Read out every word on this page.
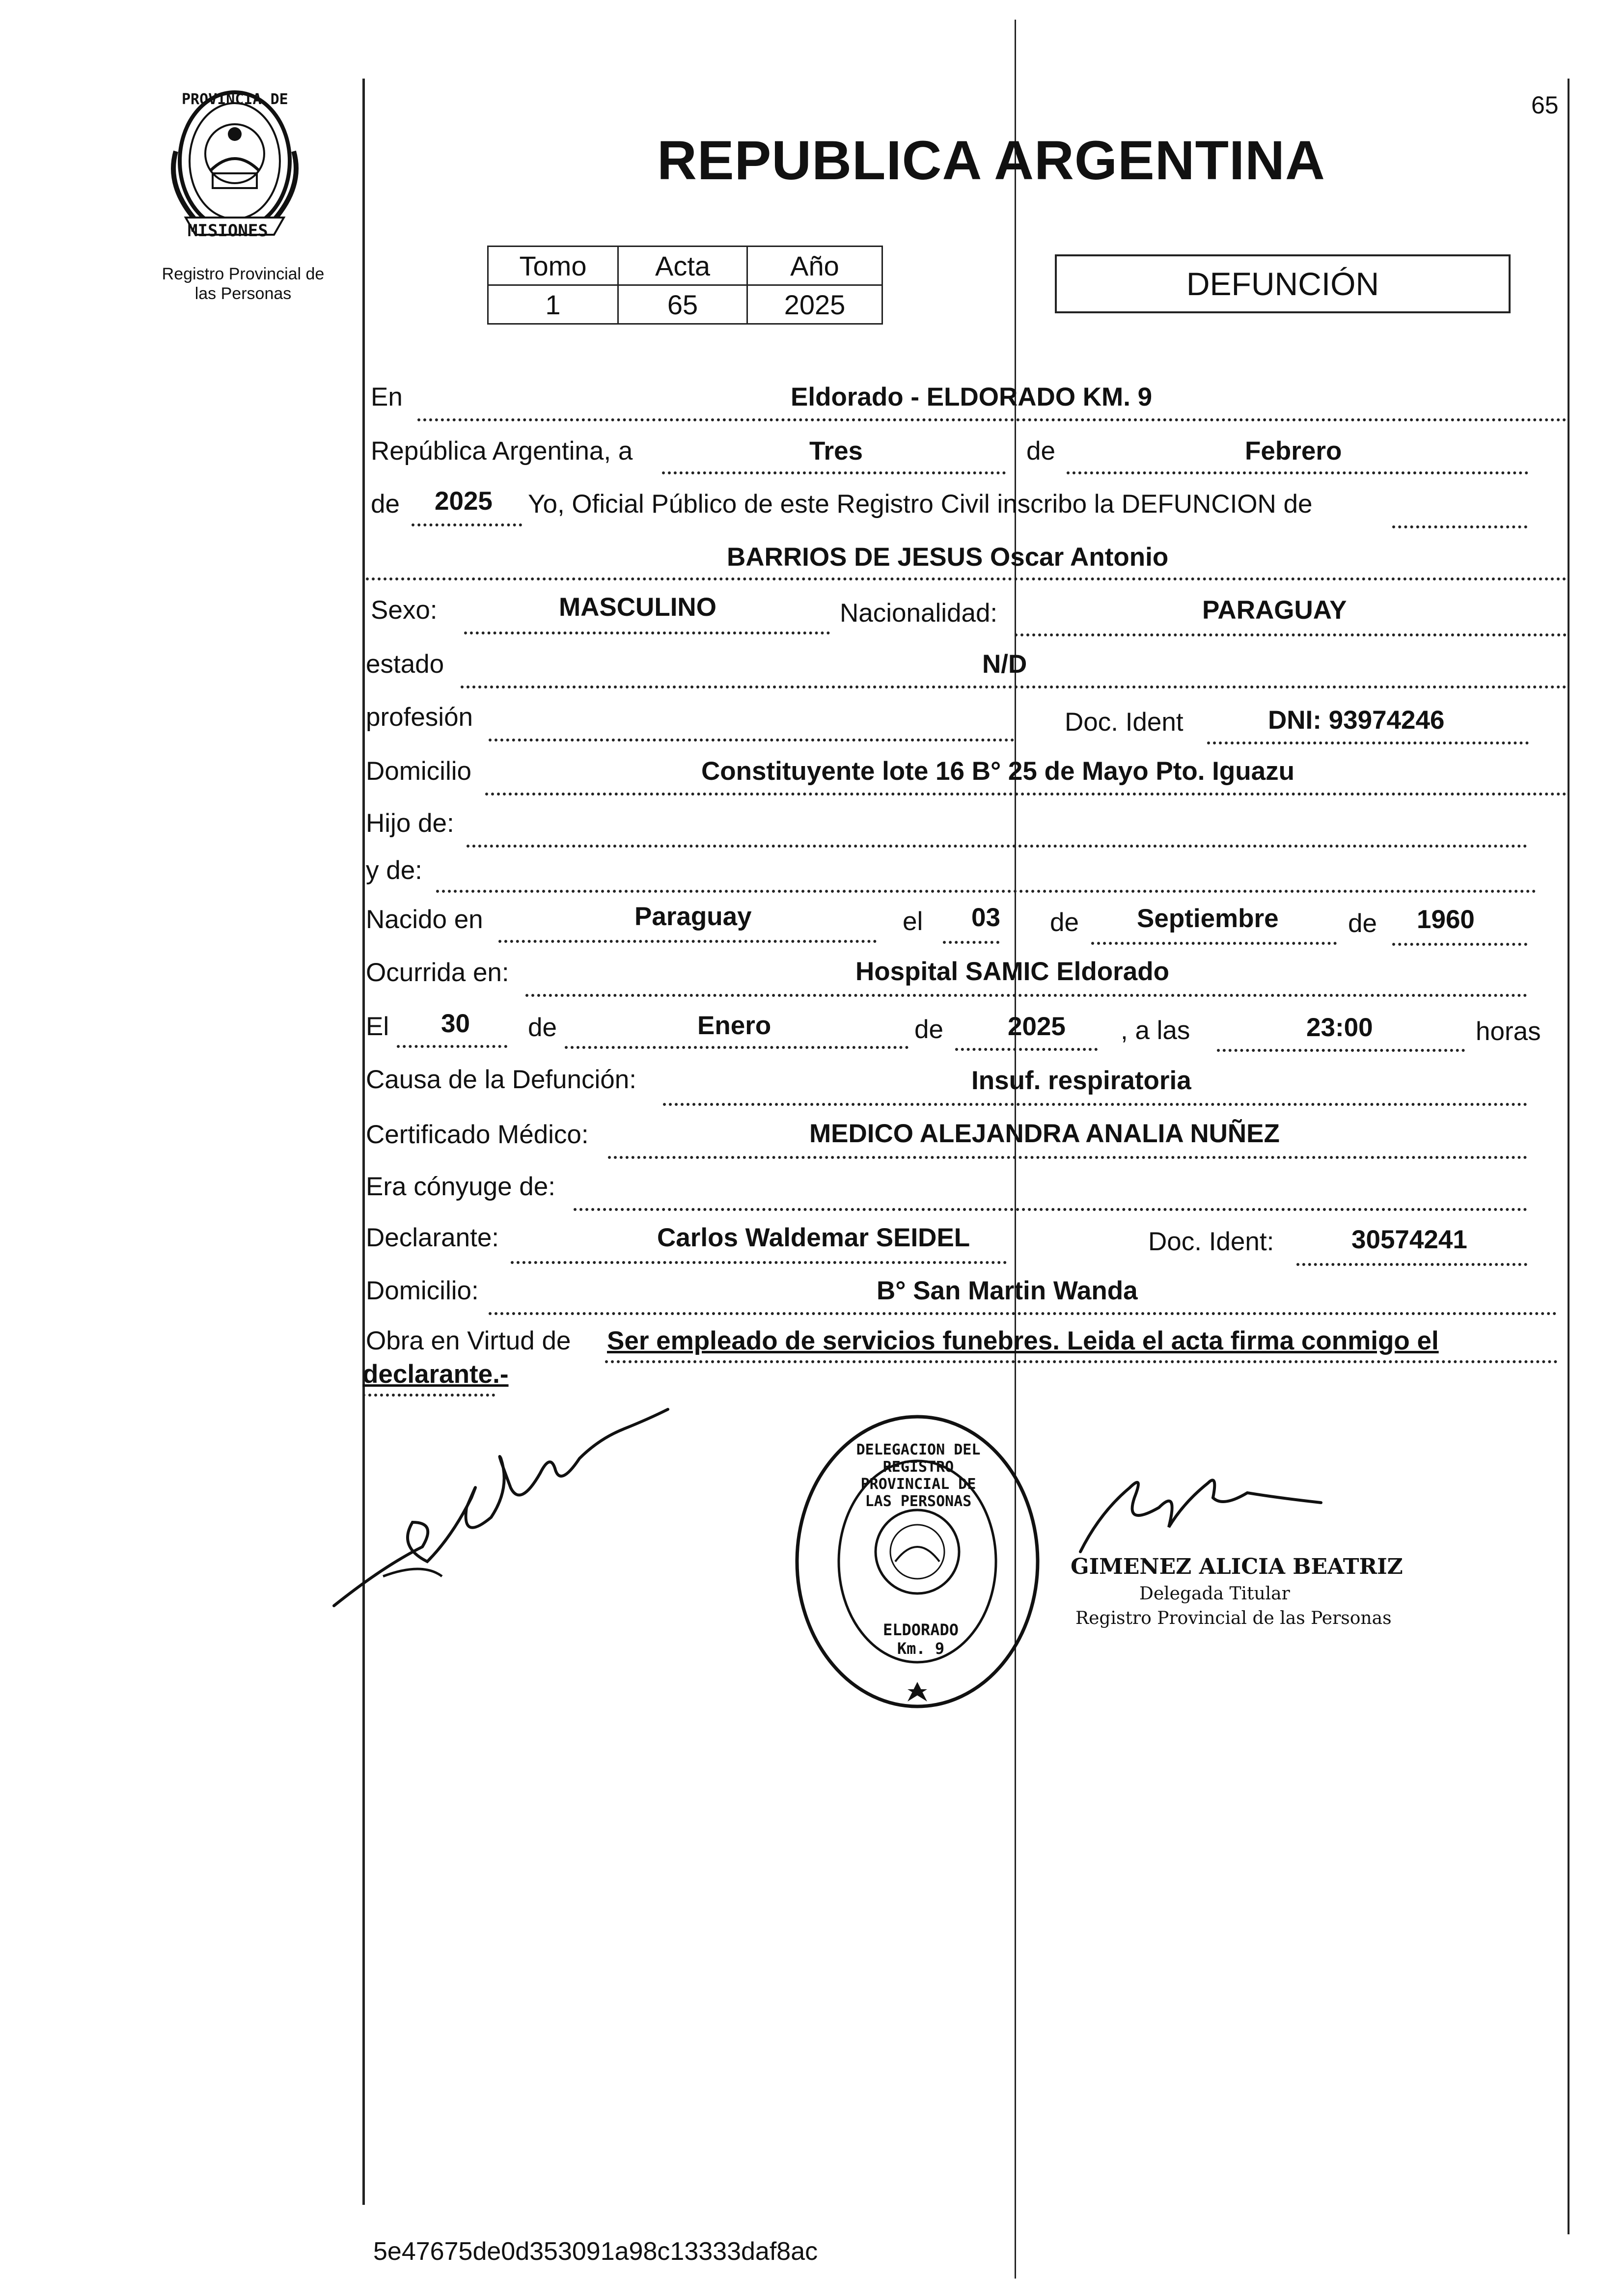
65
PROVINCIA DE
MISIONES
Registro Provincial de
las Personas
REPUBLICA ARGENTINA
Tomo	Acta	Año
1	65	2025
DEFUNCIÓN
En	Eldorado - ELDORADO KM. 9
República Argentina, a	Tres	de	Febrero
de 2025 Yo, Oficial Público de este Registro Civil inscribo la DEFUNCION de
BARRIOS DE JESUS Oscar Antonio
Sexo:	MASCULINO	Nacionalidad:	PARAGUAY
estado	N/D
profesión	Doc. Ident	DNI: 93974246
Domicilio	Constituyente lote 16 B° 25 de Mayo Pto. Iguazu
Hijo de:
y de:
Nacido en	Paraguay	el 03 de Septiembre	de 1960
Ocurrida en:	Hospital SAMIC Eldorado
El 30 de	Enero	de 2025 , a las	23:00	horas
Causa de la Defunción:	Insuf. respiratoria
Certificado Médico:	MEDICO ALEJANDRA ANALIA NUÑEZ
Era cónyuge de:
Declarante:	Carlos Waldemar SEIDEL	Doc. Ident:	30574241
Domicilio:	B° San Martin Wanda
Obra en Virtud de Ser empleado de servicios funebres. Leida el acta firma conmigo el
declarante.-
DELEGACION DEL REGISTRO PROVINCIAL DE LAS PERSONAS
ELDORADO Km. 9
GIMENEZ ALICIA BEATRIZ
Delegada Titular
Registro Provincial de las Personas
5e47675de0d353091a98c13333daf8ac
